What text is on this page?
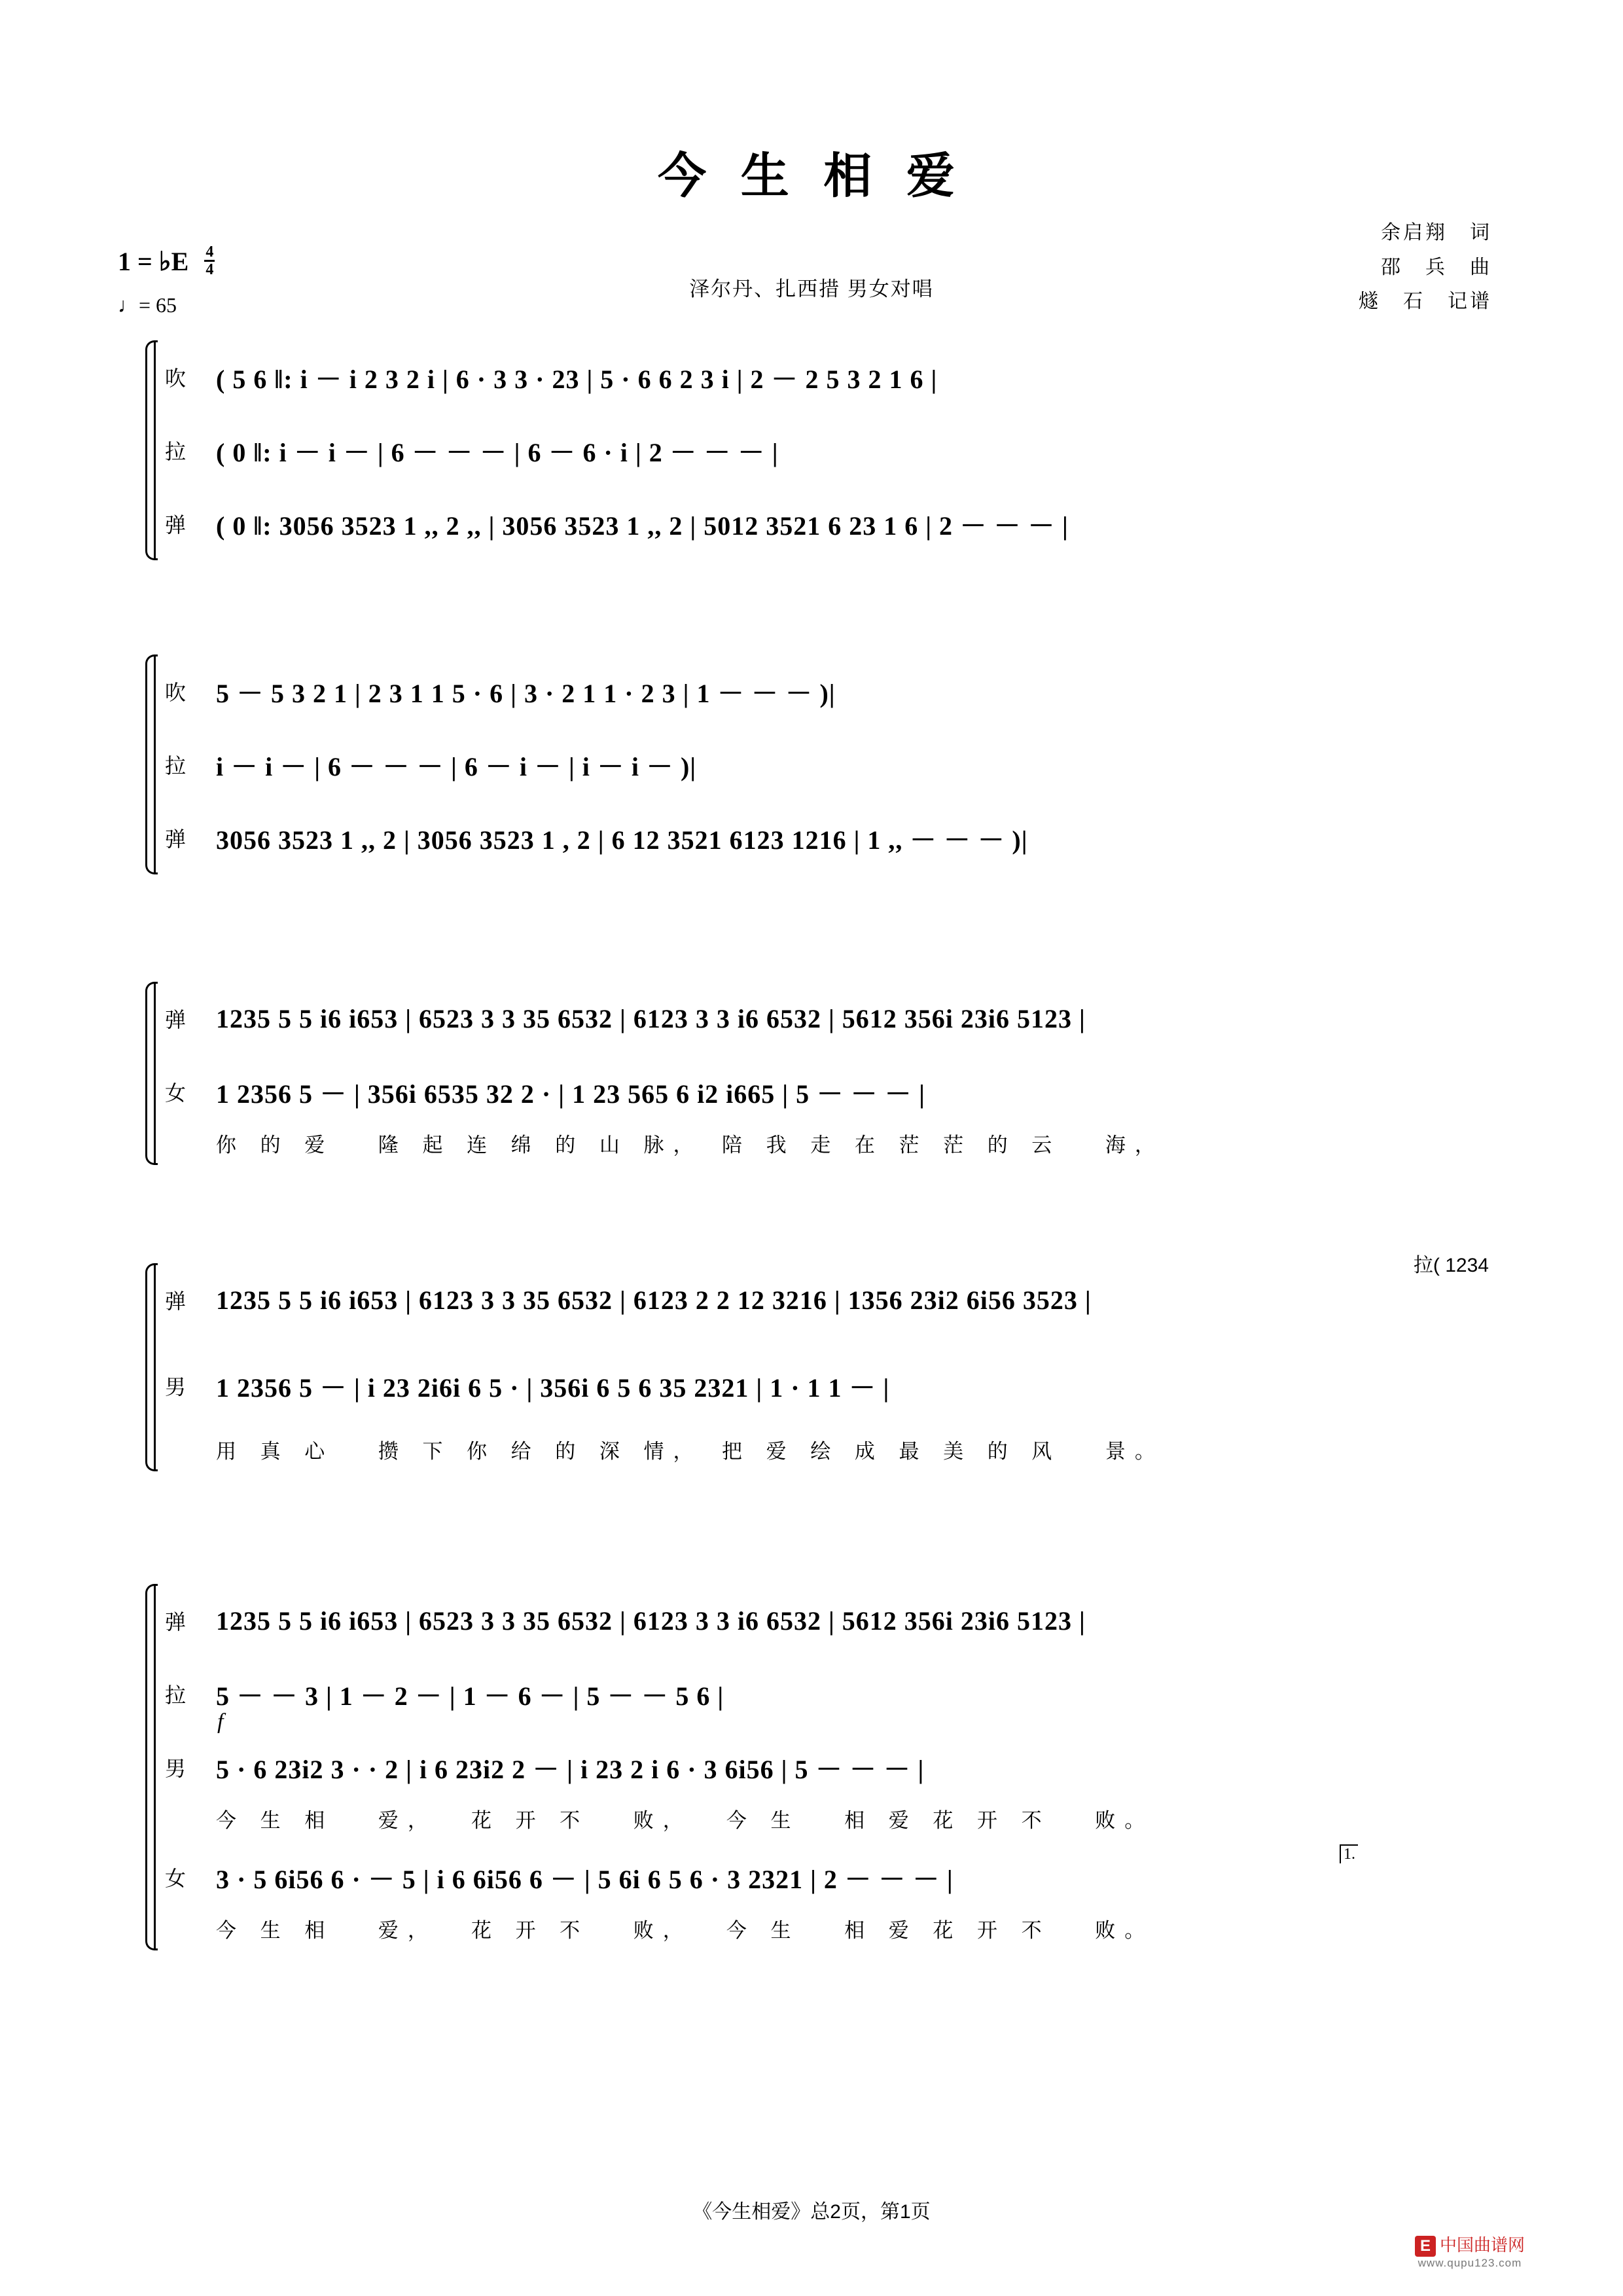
今 生 相 爱
泽尔丹、扎西措 男女对唱
余启翔　词
邵　兵　曲
燧　石　记谱
1 = ♭E $\frac{4}{4}$
♩= 65
吹	( 5 6 ‖: i － i 2 3 2 i | 6 · 3 3 · 23 | 5 · 6 6 2 3 i | 2 － 2 5 3 2 1 6 |
拉	( 0 ‖: i － i － | 6 － － － | 6 － 6 · i | 2 － － － |
弹	( 0 ‖: 3056 3523 1 ,, 2 ,, | 3056 3523 1 ,, 2 | 5012 3521 6 23 1 6 | 2 － － － |
吹	5 － 5 3 2 1 | 2 3 1 1 5 · 6 | 3 · 2 1 1 · 2 3 | 1 － － － )|
拉	i － i － | 6 － － － | 6 － i － | i － i － )|
弹	3056 3523 1 ,, 2 | 3056 3523 1 , 2 | 6 12 3521 6123 1216 | 1 ,, － － － )|
弹	1235 5 5 i6 i653 | 6523 3 3 35 6532 | 6123 3 3 i6 6532 | 5612 356i 23i6 5123 |
女	1 2356 5 － | 356i 6535 32 2 · | 1 23 565 6 i2 i665 | 5 － － － |
你 的 爱　 隆 起 连 绵 的 山 脉，　陪 我 走 在 茫 茫 的 云 　海，
拉( 1234
弹	1235 5 5 i6 i653 | 6123 3 3 35 6532 | 6123 2 2 12 3216 | 1356 23i2 6i56 3523 |
男	1 2356 5 － | i 23 2i6i 6 5 · | 356i 6 5 6 35 2321 | 1 · 1 1 － |
用 真 心　 攒 下 你 给 的 深 情，　把 爱 绘 成 最 美 的 风 　景。
弹	1235 5 5 i6 i653 | 6523 3 3 35 6532 | 6123 3 3 i6 6532 | 5612 356i 23i6 5123 |
拉	5 － － 3 | 1 － 2 － | 1 － 6 － | 5 － － 5 6 |
f
男	5 · 6 23i2 3 · · 2 | i 6 23i2 2 － | i 23 2 i 6 · 3 6i56 | 5 － － － |
今 生 相 　爱，　 花 开 不 　败，　 今 生 　相 爱 花 开 不 　败。
女	3 · 5 6i56 6 · － 5 | i 6 6i56 6 － | 5 6i 6 5 6 · 3 2321 | 2 － － － |
1.
今 生 相 　爱，　 花 开 不 　败，　 今 生 　相 爱 花 开 不 　败。
《今生相爱》总2页，第1页
E 中国曲谱网
www.qupu123.com
